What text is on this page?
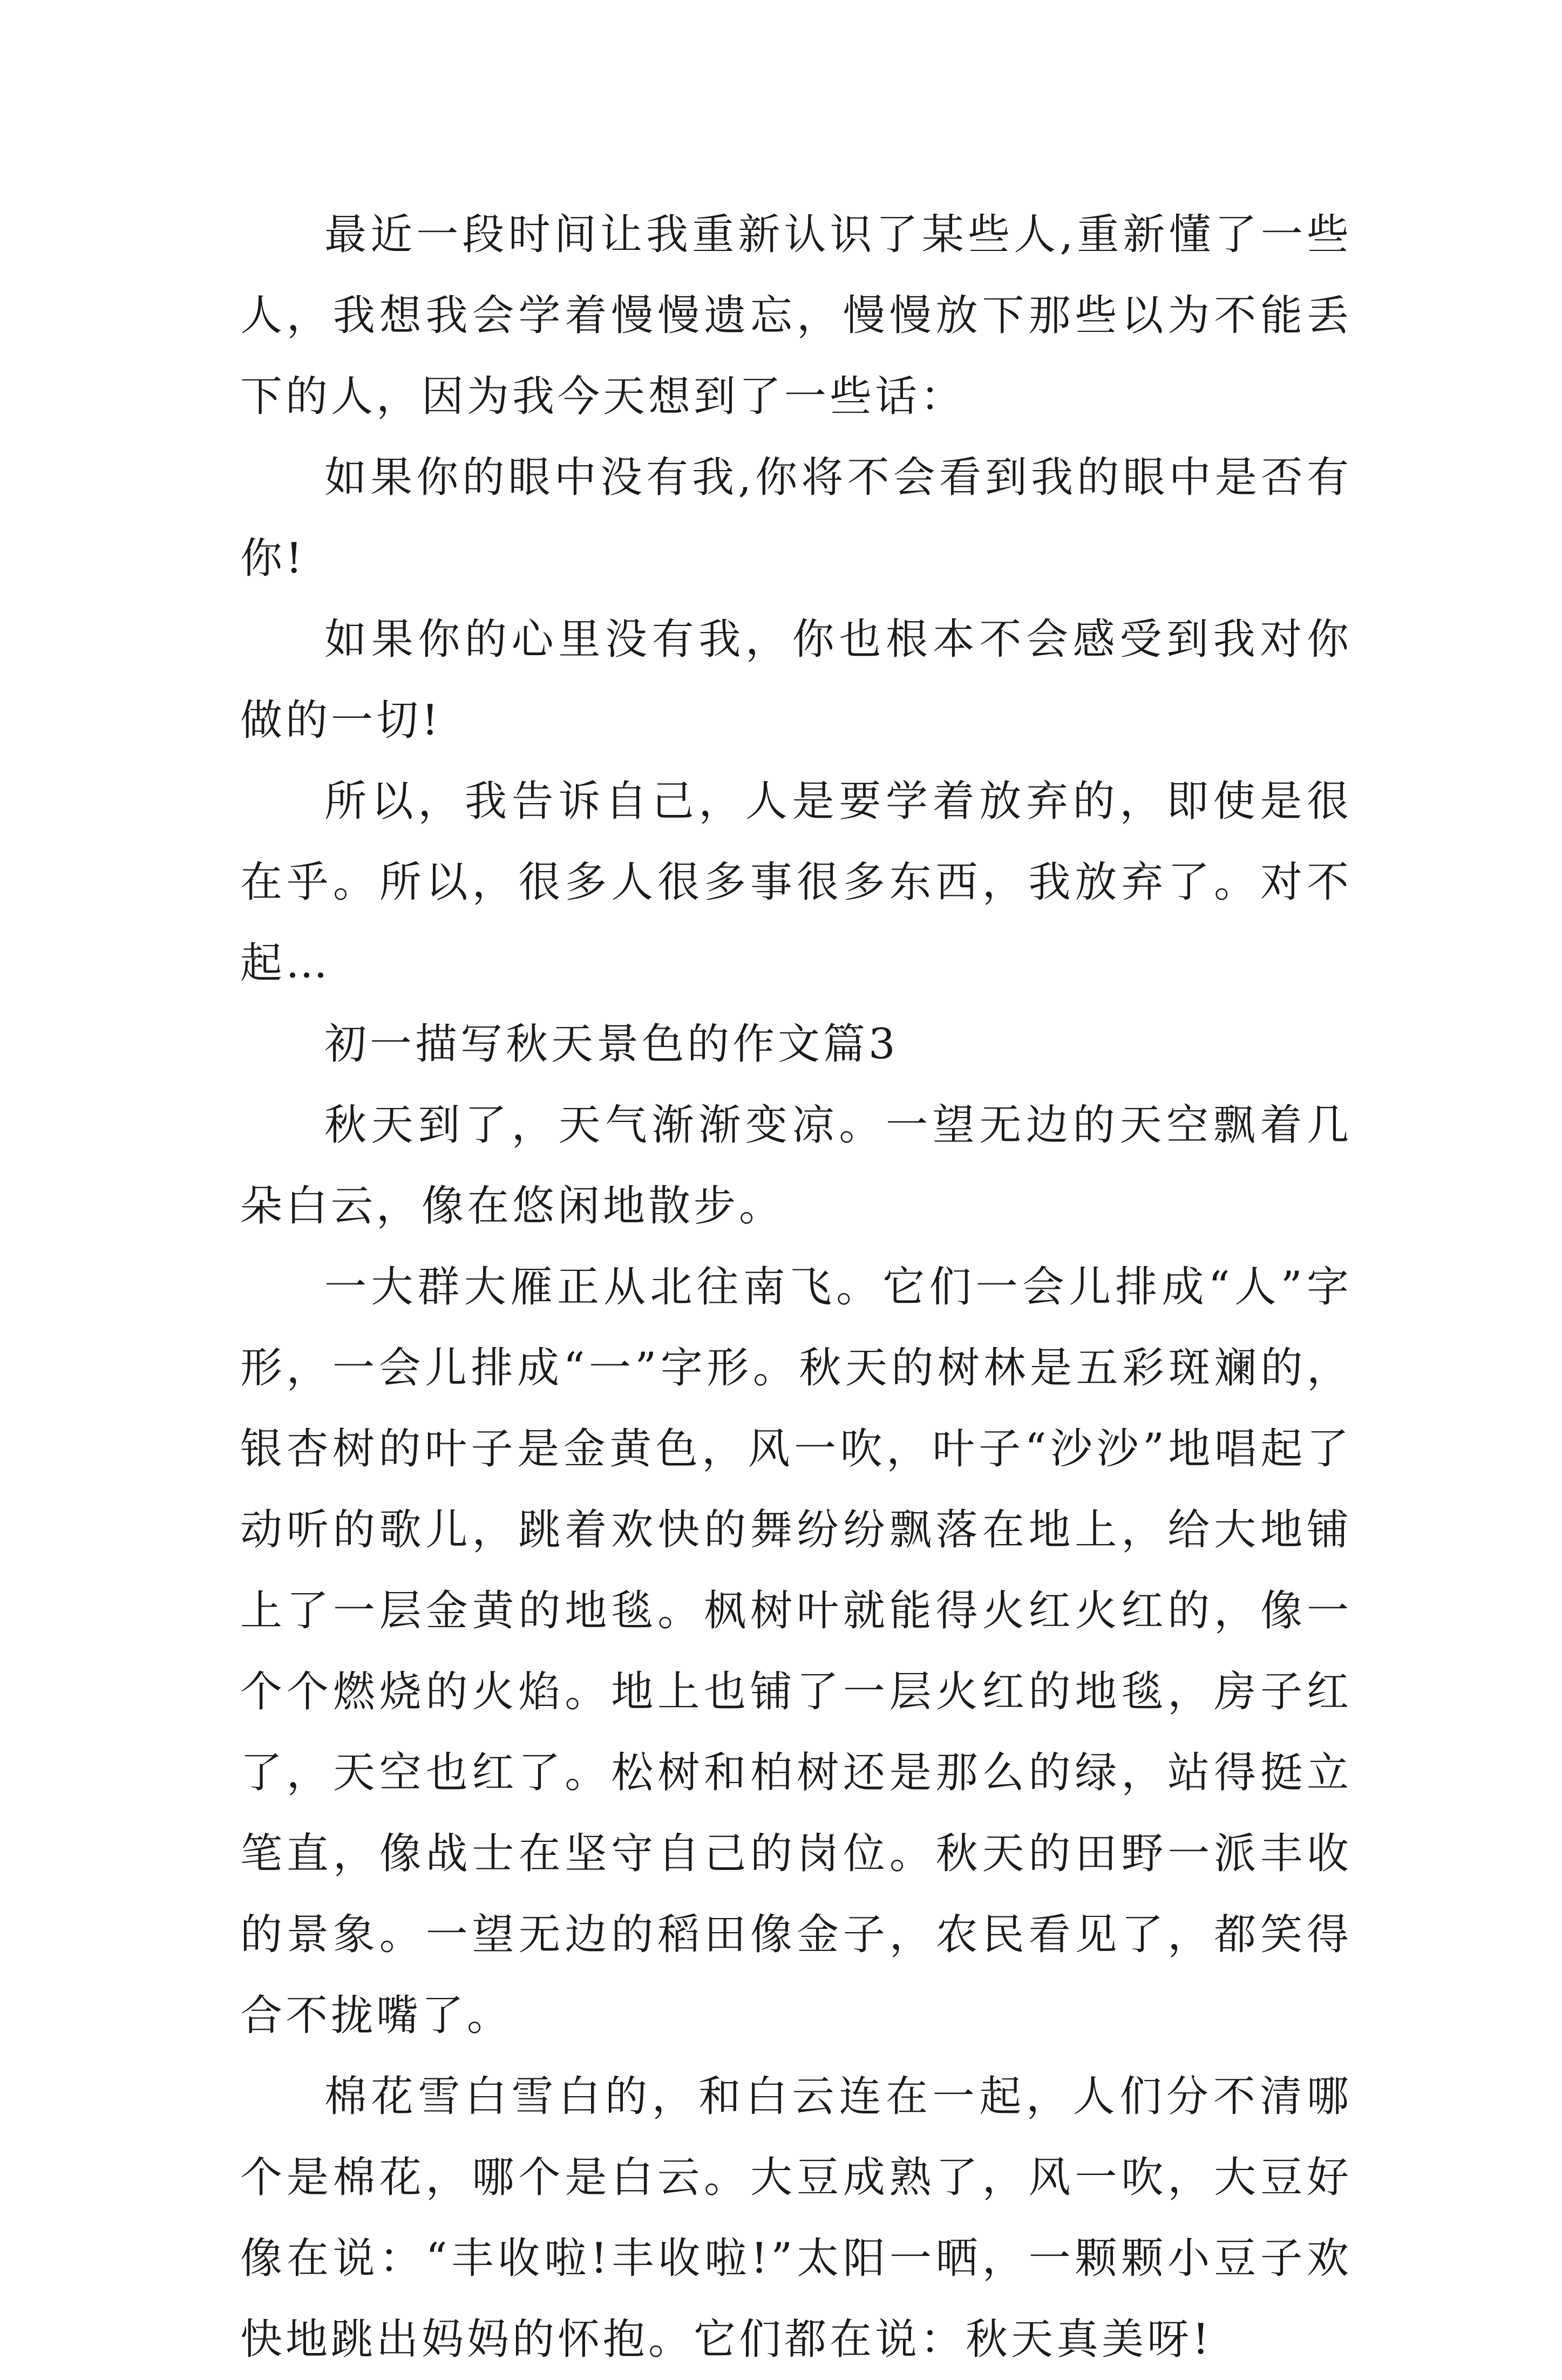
最近一段时间让我重新认识了某些人,重新懂了一些人，我想我会学着慢慢遗忘，慢慢放下那些以为不能丢下的人，因为我今天想到了一些话：

如果你的眼中没有我,你将不会看到我的眼中是否有你!

如果你的心里没有我，你也根本不会感受到我对你做的一切!

所以，我告诉自己，人是要学着放弃的，即使是很在乎。所以，很多人很多事很多东西，我放弃了。对不起…

初一描写秋天景色的作文篇3

秋天到了，天气渐渐变凉。一望无边的天空飘着几朵白云，像在悠闲地散步。

一大群大雁正从北往南飞。它们一会儿排成“人”字形，一会儿排成“一”字形。秋天的树林是五彩斑斓的，银杏树的叶子是金黄色，风一吹，叶子“沙沙”地唱起了动听的歌儿，跳着欢快的舞纷纷飘落在地上，给大地铺上了一层金黄的地毯。枫树叶就能得火红火红的，像一个个燃烧的火焰。地上也铺了一层火红的地毯，房子红了，天空也红了。松树和柏树还是那么的绿，站得挺立笔直，像战士在坚守自己的岗位。秋天的田野一派丰收的景象。一望无边的稻田像金子，农民看见了，都笑得合不拢嘴了。

棉花雪白雪白的，和白云连在一起，人们分不清哪个是棉花，哪个是白云。大豆成熟了，风一吹，大豆好像在说：“丰收啦!丰收啦!”太阳一晒，一颗颗小豆子欢快地跳出妈妈的怀抱。它们都在说：秋天真美呀!
